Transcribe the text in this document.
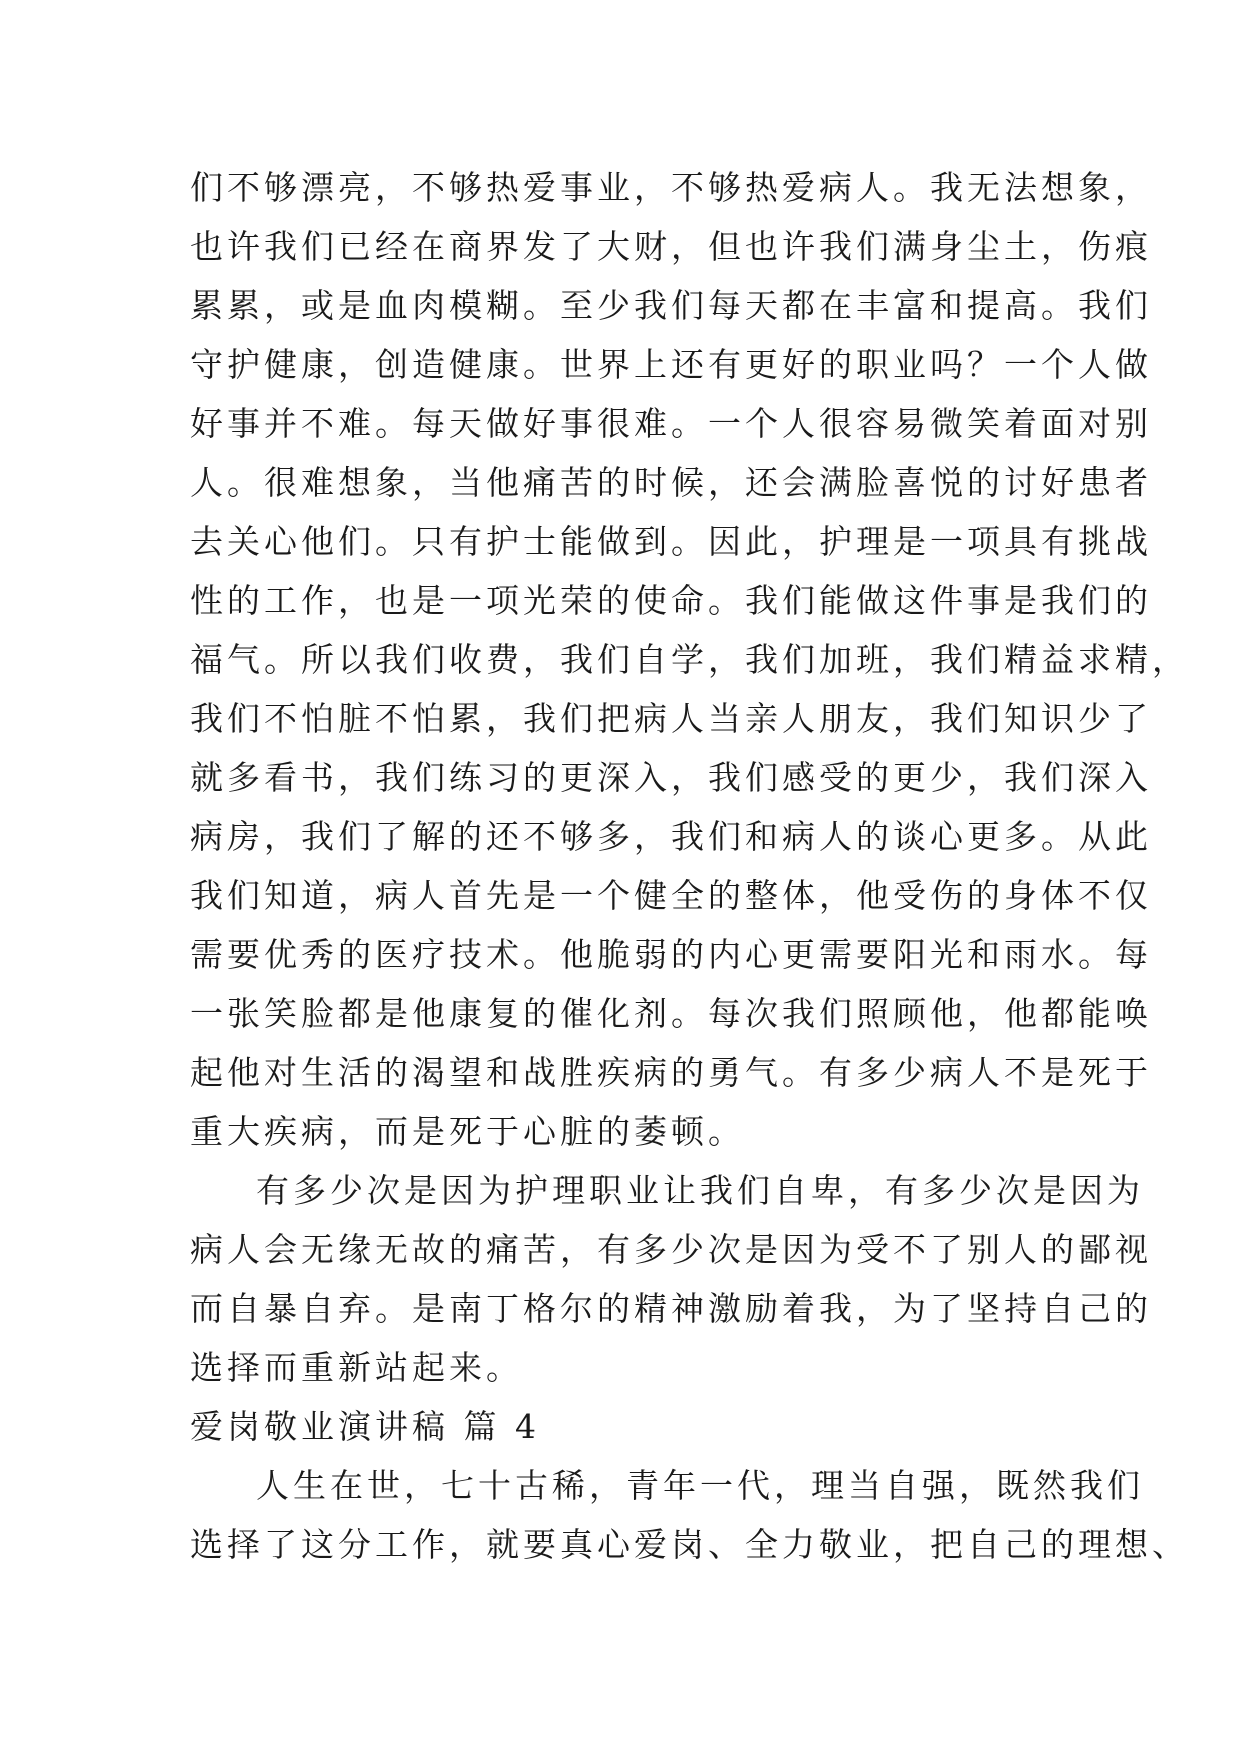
们不够漂亮，不够热爱事业，不够热爱病人。我无法想象，
也许我们已经在商界发了大财，但也许我们满身尘土，伤痕
累累，或是血肉模糊。至少我们每天都在丰富和提高。我们
守护健康，创造健康。世界上还有更好的职业吗？一个人做
好事并不难。每天做好事很难。一个人很容易微笑着面对别
人。很难想象，当他痛苦的时候，还会满脸喜悦的讨好患者
去关心他们。只有护士能做到。因此，护理是一项具有挑战
性的工作，也是一项光荣的使命。我们能做这件事是我们的
福气。所以我们收费，我们自学，我们加班，我们精益求精，
我们不怕脏不怕累，我们把病人当亲人朋友，我们知识少了
就多看书，我们练习的更深入，我们感受的更少，我们深入
病房，我们了解的还不够多，我们和病人的谈心更多。从此
我们知道，病人首先是一个健全的整体，他受伤的身体不仅
需要优秀的医疗技术。他脆弱的内心更需要阳光和雨水。每
一张笑脸都是他康复的催化剂。每次我们照顾他，他都能唤
起他对生活的渴望和战胜疾病的勇气。有多少病人不是死于
重大疾病，而是死于心脏的萎顿。
有多少次是因为护理职业让我们自卑，有多少次是因为
病人会无缘无故的痛苦，有多少次是因为受不了别人的鄙视
而自暴自弃。是南丁格尔的精神激励着我，为了坚持自己的
选择而重新站起来。
爱岗敬业演讲稿 篇 4
人生在世，七十古稀，青年一代，理当自强，既然我们
选择了这分工作，就要真心爱岗、全力敬业，把自己的理想、
